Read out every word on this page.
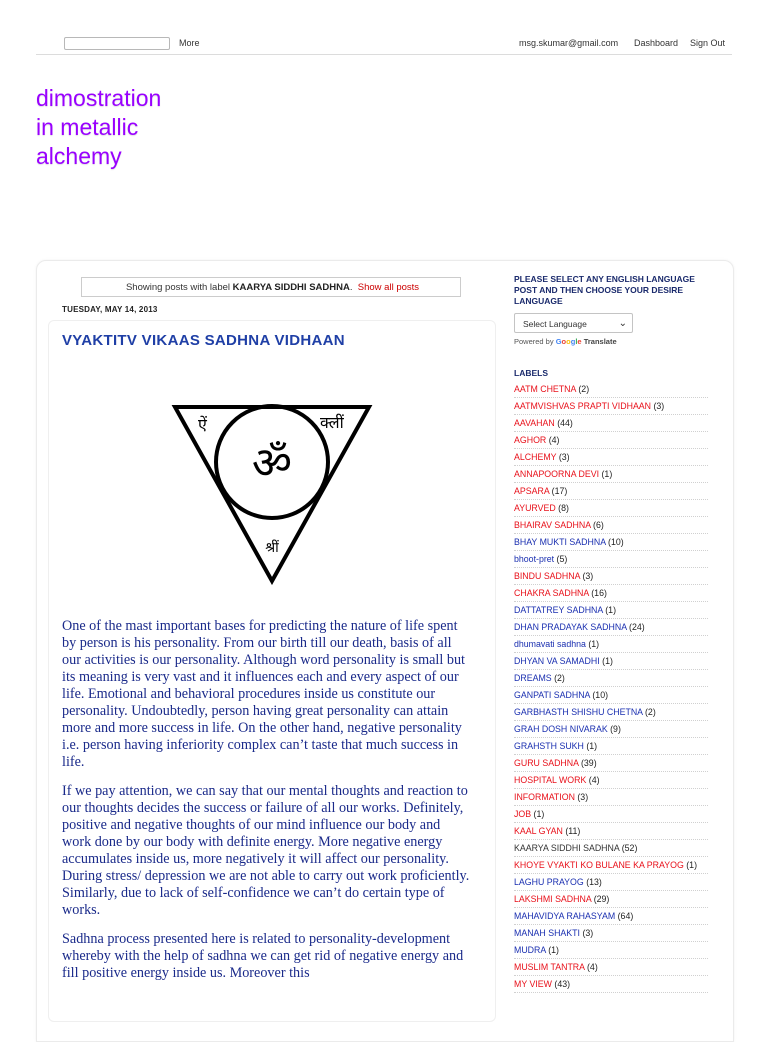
More	msg.skumar@gmail.com Dashboard Sign Out
dimostration
in metallic
alchemy
Showing posts with label KAARYA SIDDHI SADHNA. Show all posts
TUESDAY, MAY 14, 2013
VYAKTITV VIKAAS SADHNA VIDHAAN
ऐं	क्लीं
ॐ
श्रीं

One of the mast important bases for predicting the nature of life spent by person is his personality. From our birth till our death, basis of all our activities is our personality. Although word personality is small but its meaning is very vast and it influences each and every aspect of our life. Emotional and behavioral procedures inside us constitute our personality. Undoubtedly, person having great personality can attain more and more success in life. On the other hand, negative personality i.e. person having inferiority complex can’t taste that much success in life.

If we pay attention, we can say that our mental thoughts and reaction to our thoughts decides the success or failure of all our works. Definitely, positive and negative thoughts of our mind influence our body and work done by our body with definite energy. More negative energy accumulates inside us, more negatively it will affect our personality. During stress/ depression we are not able to carry out work proficiently. Similarly, due to lack of self-confidence we can’t do certain type of works.

Sadhna process presented here is related to personality-development whereby with the help of sadhna we can get rid of negative energy and fill positive energy inside us. Moreover this

PLEASE SELECT ANY ENGLISH LANGUAGE POST AND THEN CHOOSE YOUR DESIRE LANGUAGE
Select Language	⌄
Powered by Google Translate
LABELS
AATM CHETNA (2)
AATMVISHVAS PRAPTI VIDHAAN (3)
AAVAHAN (44)
AGHOR (4)
ALCHEMY (3)
ANNAPOORNA DEVI (1)
APSARA (17)
AYURVED (8)
BHAIRAV SADHNA (6)
BHAY MUKTI SADHNA (10)
bhoot-pret (5)
BINDU SADHNA (3)
CHAKRA SADHNA (16)
DATTATREY SADHNA (1)
DHAN PRADAYAK SADHNA (24)
dhumavati sadhna (1)
DHYAN VA SAMADHI (1)
DREAMS (2)
GANPATI SADHNA (10)
GARBHASTH SHISHU CHETNA (2)
GRAH DOSH NIVARAK (9)
GRAHSTH SUKH (1)
GURU SADHNA (39)
HOSPITAL WORK (4)
INFORMATION (3)
JOB (1)
KAAL GYAN (11)
KAARYA SIDDHI SADHNA (52)
KHOYE VYAKTI KO BULANE KA PRAYOG (1)
LAGHU PRAYOG (13)
LAKSHMI SADHNA (29)
MAHAVIDYA RAHASYAM (64)
MANAH SHAKTI (3)
MUDRA (1)
MUSLIM TANTRA (4)
MY VIEW (43)
